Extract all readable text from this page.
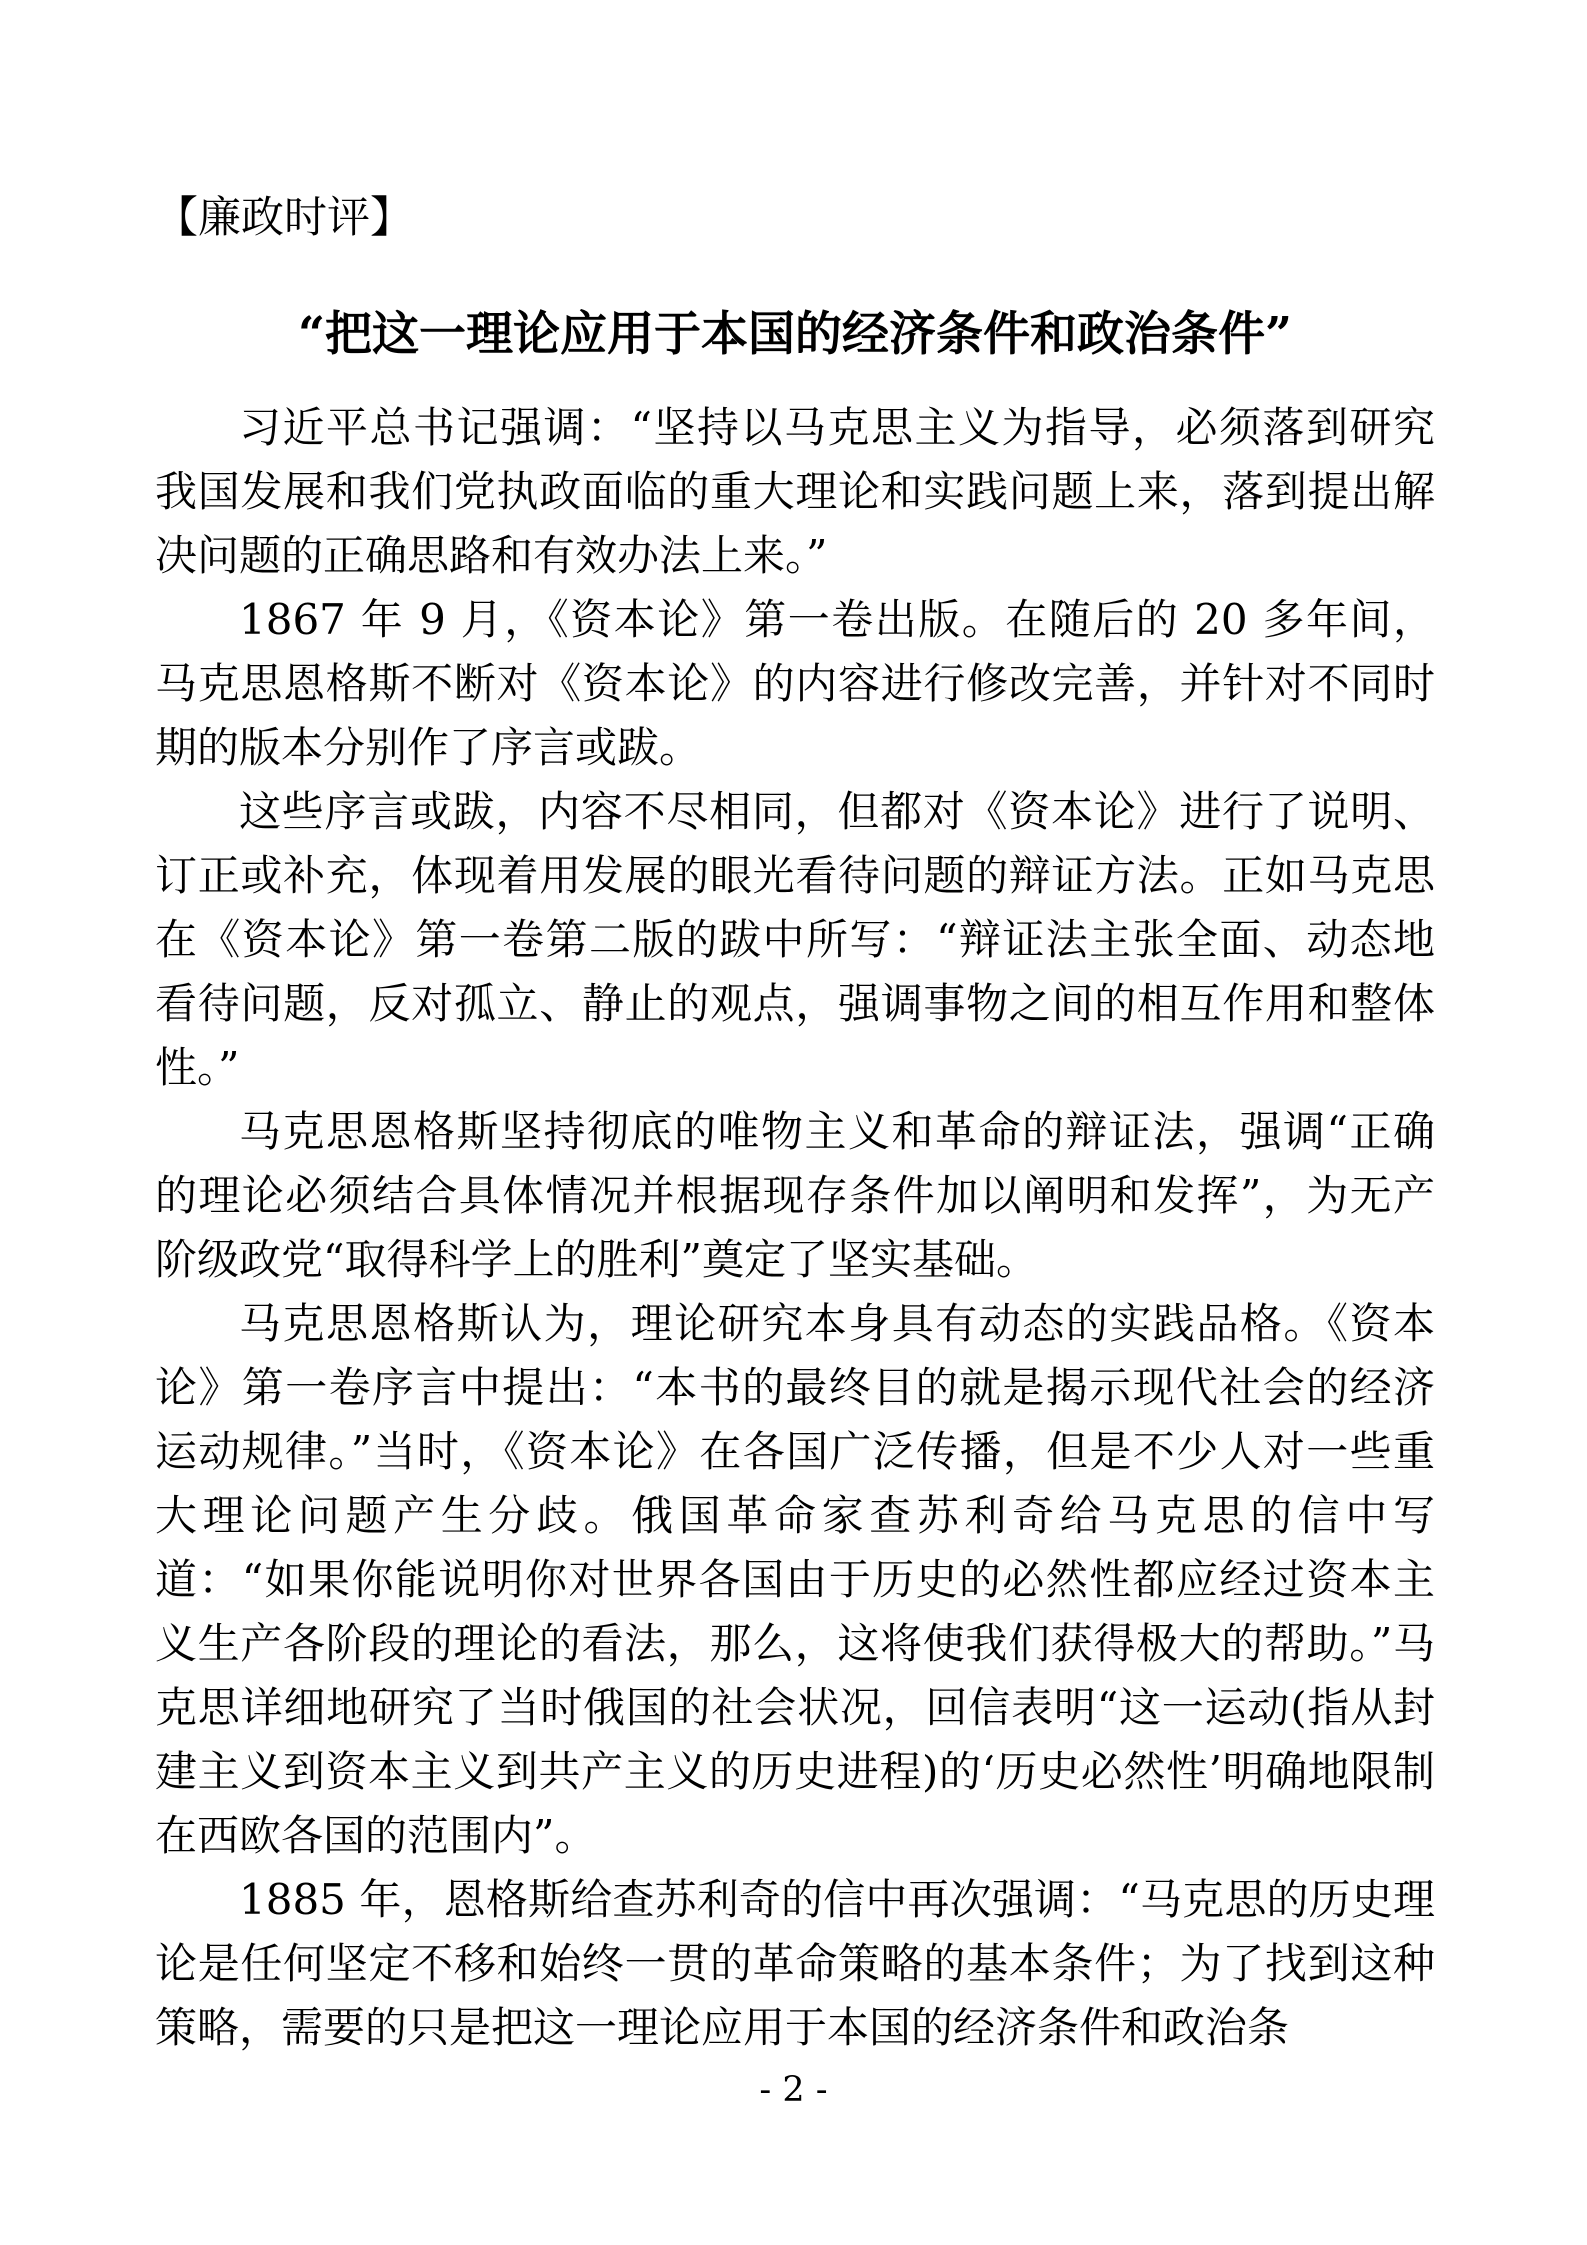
【廉政时评】
“把这一理论应用于本国的经济条件和政治条件”

习近平总书记强调：“坚持以马克思主义为指导，必须落到研究我国发展和我们党执政面临的重大理论和实践问题上来，落到提出解决问题的正确思路和有效办法上来。”

1867 年 9 月，《资本论》第一卷出版。在随后的 20 多年间，马克思恩格斯不断对《资本论》的内容进行修改完善，并针对不同时期的版本分别作了序言或跋。

这些序言或跋，内容不尽相同，但都对《资本论》进行了说明、订正或补充，体现着用发展的眼光看待问题的辩证方法。正如马克思在《资本论》第一卷第二版的跋中所写：“辩证法主张全面、动态地看待问题，反对孤立、静止的观点，强调事物之间的相互作用和整体性。”

马克思恩格斯坚持彻底的唯物主义和革命的辩证法，强调“正确的理论必须结合具体情况并根据现存条件加以阐明和发挥”，为无产阶级政党“取得科学上的胜利”奠定了坚实基础。

马克思恩格斯认为，理论研究本身具有动态的实践品格。《资本论》第一卷序言中提出：“本书的最终目的就是揭示现代社会的经济运动规律。”当时，《资本论》在各国广泛传播，但是不少人对一些重大理论问题产生分歧。俄国革命家查苏利奇给马克思的信中写道：“如果你能说明你对世界各国由于历史的必然性都应经过资本主义生产各阶段的理论的看法，那么，这将使我们获得极大的帮助。”马克思详细地研究了当时俄国的社会状况，回信表明“这一运动(指从封建主义到资本主义到共产主义的历史进程)的‘历史必然性’明确地限制在西欧各国的范围内”。

1885 年，恩格斯给查苏利奇的信中再次强调：“马克思的历史理论是任何坚定不移和始终一贯的革命策略的基本条件；为了找到这种策略，需要的只是把这一理论应用于本国的经济条件和政治条

- 2 -
